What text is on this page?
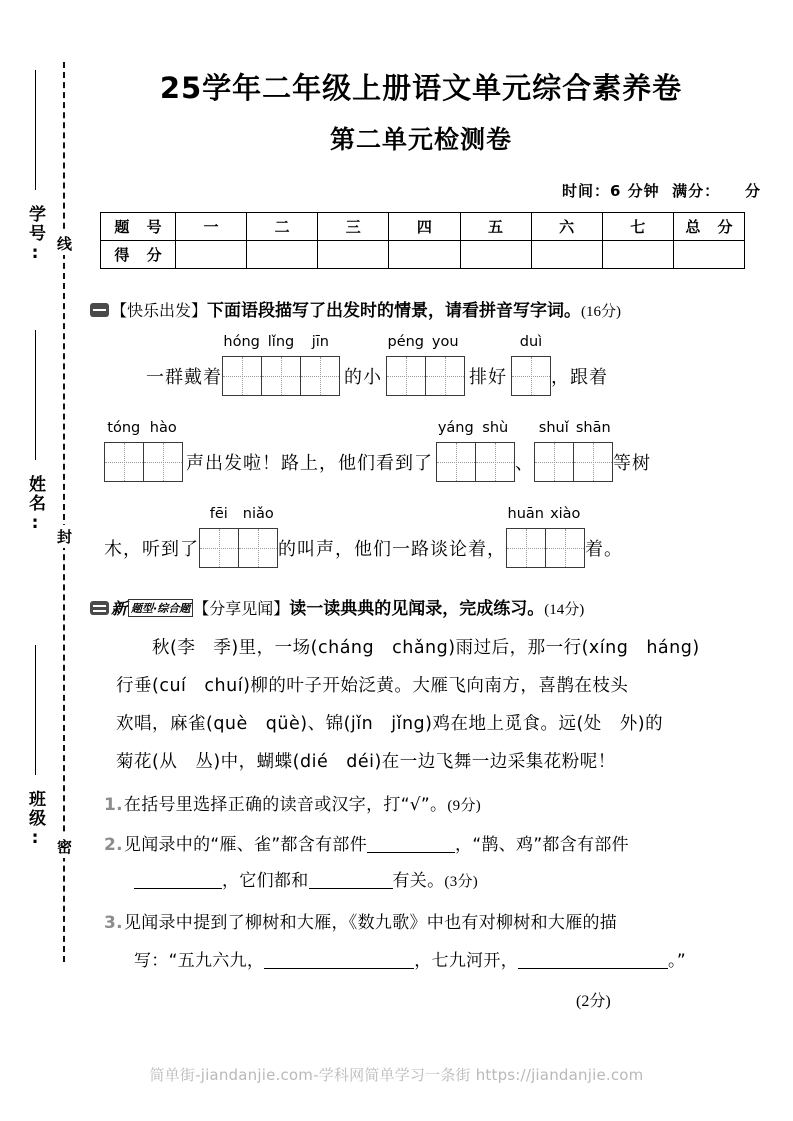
学号:
姓名:
班级:
线
封
密
25学年二年级上册语文单元综合素养卷
第二单元检测卷
时间：6 分钟  满分：    分
题 号	一	二	三	四	五	六	七	总 分
得 分								
【快乐出发】下面语段描写了出发时的情景，请看拼音写字词。(16分)
一群戴着
hóng lǐng	jīn
的小
péng you
排好
duì
，跟着
tóng hào
声出发啦！路上，他们看到了
yáng shù
、
shuǐ shān
等树
木，听到了
fēi	niǎo
的叫声，他们一路谈论着，
huān xiào
着。
新 题型·综合题 【分享见闻】读一读典典的见闻录，完成练习。(14分)
　　秋(李　季)里，一场(cháng　chǎng)雨过后，那一行(xíng　háng)
行垂(cuí　chuí)柳的叶子开始泛黄。大雁飞向南方，喜鹊在枝头
欢唱，麻雀(què　qüè)、锦(jǐn　jǐng)鸡在地上觅食。远(处　外)的
菊花(从　丛)中，蝴蝶(dié　déi)在一边飞舞一边采集花粉呢！
1.在括号里选择正确的读音或汉字，打“√”。(9分)
2.见闻录中的“雁、雀”都含有部件	，“鹊、鸡”都含有部件
，它们都和	有关。(3分)
3.见闻录中提到了柳树和大雁，《数九歌》中也有对柳树和大雁的描
写：“五九六九，	，七九河开，	。”
(2分)
简单街-jiandanjie.com-学科网简单学习一条街 https://jiandanjie.com
